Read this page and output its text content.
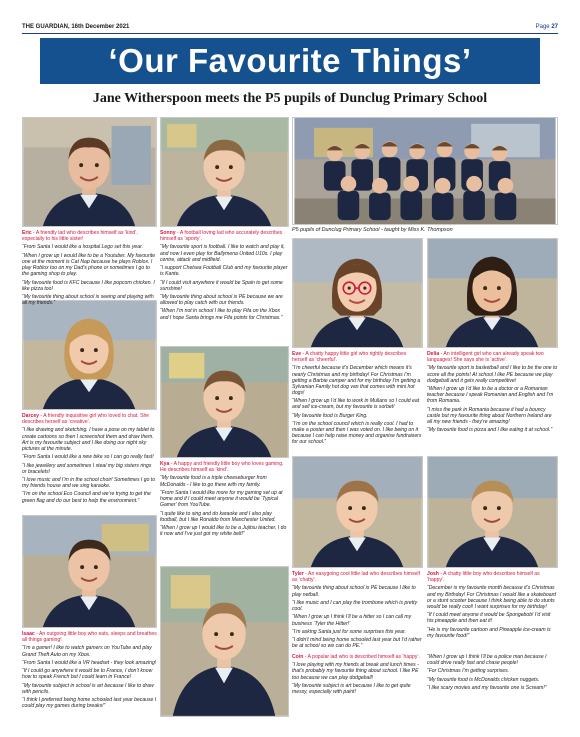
THE GUARDIAN, 16th December 2021	Page 27
‘Our Favourite Things’
Jane Witherspoon meets the P5 pupils of Dunclug Primary School
P5 pupils of Dunclug Primary School - taught by Miss K. Thompson

Eric - A friendly lad who describes himself as ‘kind’, especially to his little sister!

“From Santa I would like a hospital Lego set this year.

“When I grow up I would like to be a Youtuber. My favourite one at the moment is Cat Nap because he plays Roblox. I play Roblox too on my Dad’s phone or sometimes I go to the gaming shop to play.

“My favourite food is KFC because I like popcorn chicken. I like pizza too!

“My favourite thing about school is seeing and playing with all my friends.”

Sonny - A football loving lad who accurately describes himself as ‘sporty’.

“My favourite sport is football. I like to watch and play it, and now I even play for Ballymena United U10s. I play centre, attack and midfield.

“I support Chelsea Football Club and my favourite player is Kante.

“If I could visit anywhere it would be Spain to get some sunshine!

“My favourite thing about school is PE because we are allowed to play catch with our friends.

“When I’m not in school I like to play Fifa on the Xbox and I hope Santa brings me Fifa points for Christmas.”

Darcey - A friendly inquisitive girl who loved to chat. She describes herself as ‘creative’.

“I like drawing and sketching. I have a pose on my tablet to create cartoons so then I screenshot them and draw them. Art is my favourite subject and I like doing our night sky pictures at the minute.

“From Santa I would like a new bike so I can go really fast!

“I like jewellery and sometimes I steal my big sisters rings or bracelets!

“I love music and I’m in the school choir! Sometimes I go to my friends house and we sing karaoke.

“I’m on the school Eco Council and we’re trying to get the green flag and do our best to help the environment.”

Kya - A happy and friendly little boy who loves gaming. He describes himself as ‘kind’.

“My favourite food is a triple cheeseburger from McDonalds - I like to go there with my family.

“From Santa I would like more for my gaming set up at home and if I could meet anyone it would be ‘Typical Gamer’ from YouTube.

“I quite like to sing and do karaoke and I also play football, but I like Ronaldo from Manchester United.

“When I grow up I would like to be a Jujitsu teacher, I do it now and I’ve just got my white belt!”

Isaac - An outgoing little boy who eats, sleeps and breathes all things gaming!

“I’m a gamer! I like to watch gamers on YouTube and play Grand Theft Auto on my Xbox.

“From Santa I would like a VR headset - they look amazing!

“If I could go anywhere it would be to France, I don’t know how to speak French but I could learn in France!

“My favourite subject in school is art because I like to draw with pencils.

“I think I preferred being home schooled last year because I could play my games during breaks!”

Eve - A chatty happy little girl who rightly describes herself as ‘cheerful’.

“I’m cheerful because it’s December which means it’s nearly Christmas and my birthday! For Christmas I’m getting a Barbie camper and for my birthday I’m getting a Sylvanian Family hot dog van that comes with mini hot dogs!

“When I grow up I’d like to work in Mullans so I could eat and sell ice-cream, but my favourite is sorbet!

“My favourite food is Burger King.

“I’m on the school council which is really cool. I had to make a poster and then I was voted on. I like being on it because I can help raise money and organise fundraisers for our school.”

Delia - An intelligent girl who can already speak two languages! She says she is ‘active’.

“My favourite sport is basketball and I like to be the one to score all the points! At school I like PE because we play dodgeball and it gets really competitive!

“When I grow up I’d like to be a doctor or a Romanian teacher because I speak Romanian and English and I’m from Romania.

“I miss the park in Romania because it had a bouncy castle but my favourite thing about Northern Ireland are all my new friends - they’re amazing!

“My favourite food is pizza and I like eating it at school.”

Tyler - An easygoing cool little lad who describes himself as ‘chatty’.

“My favourite thing about school is PE because I like to play netball.

“I like music and I can play the trombone which is pretty cool.

“When I grow up I think I’ll be a hitter so I can call my business ‘Tyler the Hitter!’

“I’m asking Santa just for some surprises this year.

“I didn’t mind being home schooled last year but I’d rather be at school so we can do PE.”

Coin - A popular lad who is described himself as ‘happy’.

“I love playing with my friends at break and lunch times - that’s probably my favourite thing about school. I like PE too because we can play dodgeball!

“My favourite subject is art because I like to get quite messy, especially with paint!

Josh - A chatty little boy who describes himself as ‘happy’.

“December is my favourite month because it’s Christmas and my Birthday! For Christmas I would like a skateboard or a stunt scooter because I think being able to do stunts would be really cool! I want surprises for my birthday!

“If I could meet anyone it would be Spongebob! I’d visit his pineapple and then eat it!

“He is my favourite cartoon and Pineapple ice-cream is my favourite food!”

“When I grow up I think I’ll be a police man because I could drive really fast and chase people!

“For Christmas I’m getting surprises.

“My favourite food is McDonalds chicken nuggets.

“I like scary movies and my favourite one is Scream!”
